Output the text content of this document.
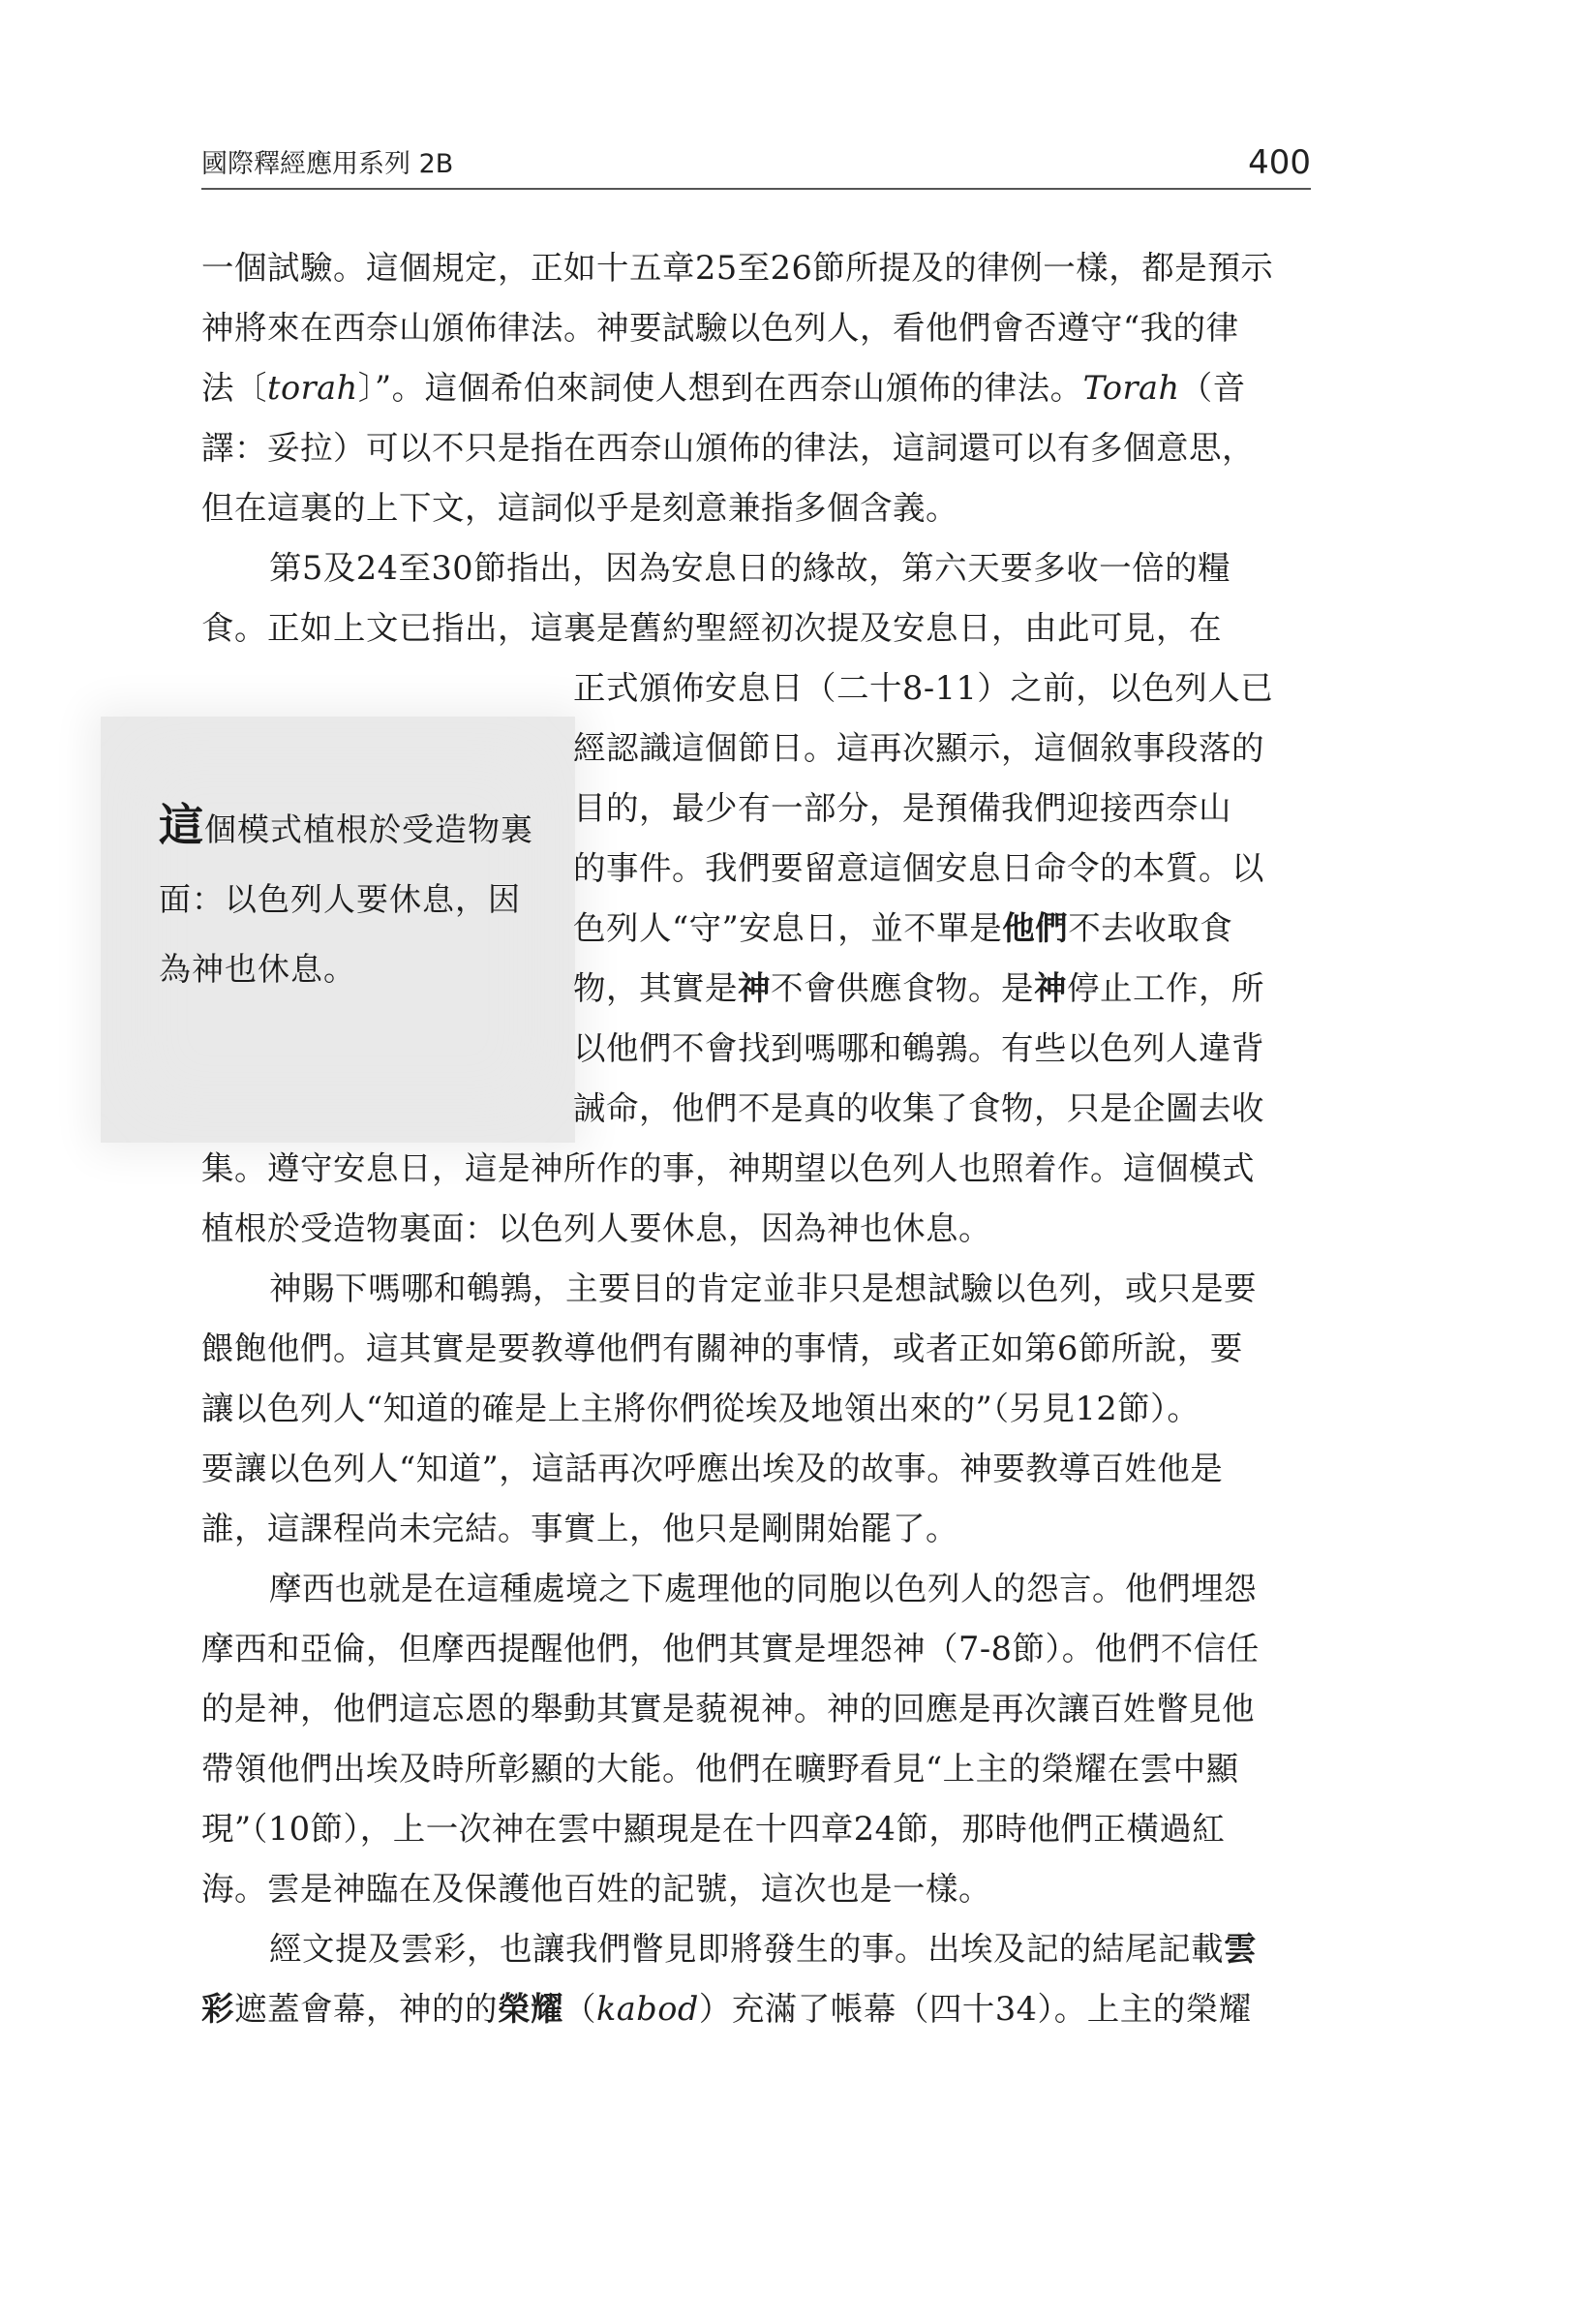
國際釋經應用系列 2B	400
這個模式植根於受造物裏面：以色列人要休息，因為神也休息。
一個試驗。這個規定，正如十五章25至26節所提及的律例一樣，都是預示
神將來在西奈山頒佈律法。神要試驗以色列人，看他們會否遵守“我的律
法〔torah〕”。這個希伯來詞使人想到在西奈山頒佈的律法。Torah（音
譯：妥拉）可以不只是指在西奈山頒佈的律法，這詞還可以有多個意思，
但在這裏的上下文，這詞似乎是刻意兼指多個含義。
第5及24至30節指出，因為安息日的緣故，第六天要多收一倍的糧
食。正如上文已指出，這裏是舊約聖經初次提及安息日，由此可見，在
正式頒佈安息日（二十8-11）之前，以色列人已
經認識這個節日。這再次顯示，這個敘事段落的
目的，最少有一部分，是預備我們迎接西奈山
的事件。我們要留意這個安息日命令的本質。以
色列人“守”安息日，並不單是他們不去收取食
物，其實是神不會供應食物。是神停止工作，所
以他們不會找到嗎哪和鵪鶉。有些以色列人違背
誡命，他們不是真的收集了食物，只是企圖去收
集。遵守安息日，這是神所作的事，神期望以色列人也照着作。這個模式
植根於受造物裏面：以色列人要休息，因為神也休息。
神賜下嗎哪和鵪鶉，主要目的肯定並非只是想試驗以色列，或只是要
餵飽他們。這其實是要教導他們有關神的事情，或者正如第6節所說，要
讓以色列人“知道的確是上主將你們從埃及地領出來的”（另見12節）。
要讓以色列人“知道”，這話再次呼應出埃及的故事。神要教導百姓他是
誰，這課程尚未完結。事實上，他只是剛開始罷了。
摩西也就是在這種處境之下處理他的同胞以色列人的怨言。他們埋怨
摩西和亞倫，但摩西提醒他們，他們其實是埋怨神（7-8節）。他們不信任
的是神，他們這忘恩的舉動其實是藐視神。神的回應是再次讓百姓瞥見他
帶領他們出埃及時所彰顯的大能。他們在曠野看見“上主的榮耀在雲中顯
現”（10節），上一次神在雲中顯現是在十四章24節，那時他們正橫過紅
海。雲是神臨在及保護他百姓的記號，這次也是一樣。
經文提及雲彩，也讓我們瞥見即將發生的事。出埃及記的結尾記載雲
彩遮蓋會幕，神的的榮耀（kabod）充滿了帳幕（四十34）。上主的榮耀
